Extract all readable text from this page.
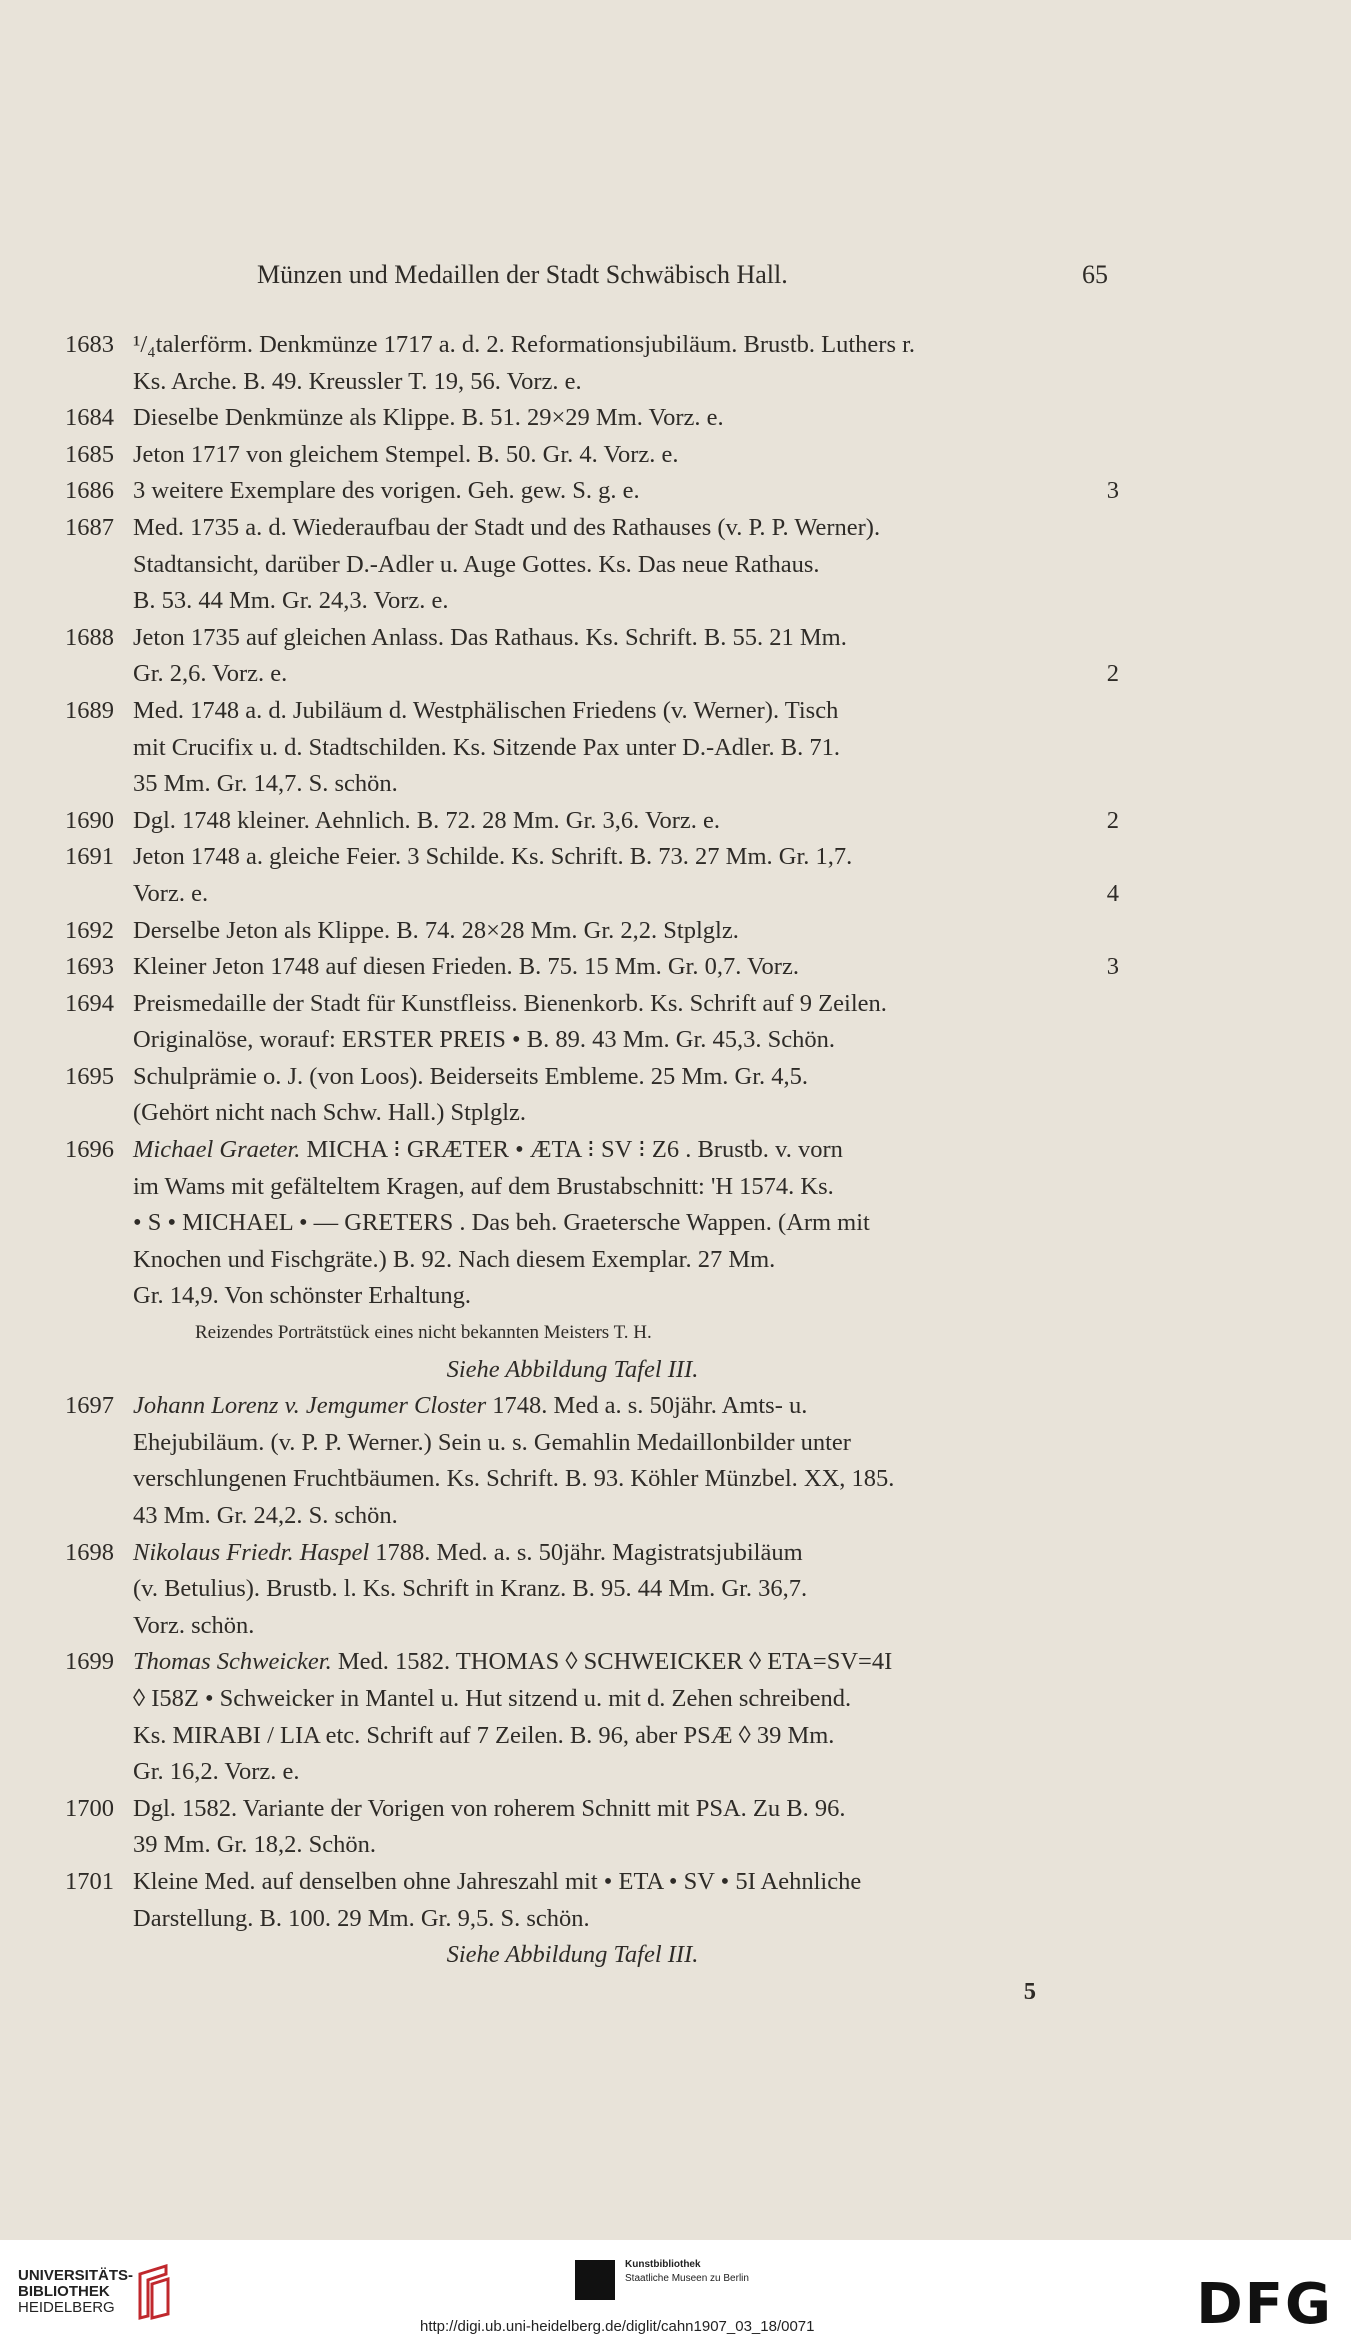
Münzen und Medaillen der Stadt Schwäbisch Hall.	65
1683 ¹/₄talerförm. Denkmünze 1717 a. d. 2. Reformationsjubiläum. Brustb. Luthers r.
Ks. Arche. B. 49. Kreussler T. 19, 56. Vorz. e.
1684 Dieselbe Denkmünze als Klippe. B. 51. 29×29 Mm. Vorz. e.
1685 Jeton 1717 von gleichem Stempel. B. 50. Gr. 4. Vorz. e.
1686 3 weitere Exemplare des vorigen. Geh. gew. S. g. e.	3
1687 Med. 1735 a. d. Wiederaufbau der Stadt und des Rathauses (v. P. P. Werner).
Stadtansicht, darüber D.-Adler u. Auge Gottes. Ks. Das neue Rathaus.
B. 53. 44 Mm. Gr. 24,3. Vorz. e.
1688 Jeton 1735 auf gleichen Anlass. Das Rathaus. Ks. Schrift. B. 55. 21 Mm.
Gr. 2,6. Vorz. e.	2
1689 Med. 1748 a. d. Jubiläum d. Westphälischen Friedens (v. Werner). Tisch
mit Crucifix u. d. Stadtschilden. Ks. Sitzende Pax unter D.-Adler. B. 71.
35 Mm. Gr. 14,7. S. schön.
1690 Dgl. 1748 kleiner. Aehnlich. B. 72. 28 Mm. Gr. 3,6. Vorz. e.	2
1691 Jeton 1748 a. gleiche Feier. 3 Schilde. Ks. Schrift. B. 73. 27 Mm. Gr. 1,7.
Vorz. e.	4
1692 Derselbe Jeton als Klippe. B. 74. 28×28 Mm. Gr. 2,2. Stplglz.
1693 Kleiner Jeton 1748 auf diesen Frieden. B. 75. 15 Mm. Gr. 0,7. Vorz.	3
1694 Preismedaille der Stadt für Kunstfleiss. Bienenkorb. Ks. Schrift auf 9 Zeilen.
Originalöse, worauf: ERSTER PREIS • B. 89. 43 Mm. Gr. 45,3. Schön.
1695 Schulprämie o. J. (von Loos). Beiderseits Embleme. 25 Mm. Gr. 4,5.
(Gehört nicht nach Schw. Hall.) Stplglz.
1696 Michael Graeter. MICHA ⁝ GRÆTER • ÆTA ⁝ SV ⁝ Z6 . Brustb. v. vorn
im Wams mit gefälteltem Kragen, auf dem Brustabschnitt: 'H 1574. Ks.
• S • MICHAEL • — GRETERS . Das beh. Graetersche Wappen. (Arm mit
Knochen und Fischgräte.) B. 92. Nach diesem Exemplar. 27 Mm.
Gr. 14,9. Von schönster Erhaltung.
Reizendes Porträtstück eines nicht bekannten Meisters T. H.
Siehe Abbildung Tafel III.
1697 Johann Lorenz v. Jemgumer Closter 1748. Med a. s. 50jähr. Amts- u.
Ehejubiläum. (v. P. P. Werner.) Sein u. s. Gemahlin Medaillonbilder unter
verschlungenen Fruchtbäumen. Ks. Schrift. B. 93. Köhler Münzbel. XX, 185.
43 Mm. Gr. 24,2. S. schön.
1698 Nikolaus Friedr. Haspel 1788. Med. a. s. 50jähr. Magistratsjubiläum
(v. Betulius). Brustb. l. Ks. Schrift in Kranz. B. 95. 44 Mm. Gr. 36,7.
Vorz. schön.
1699 Thomas Schweicker. Med. 1582. THOMAS ◊ SCHWEICKER ◊ ETA=SV=4I
◊ I58Z • Schweicker in Mantel u. Hut sitzend u. mit d. Zehen schreibend.
Ks. MIRABI / LIA etc. Schrift auf 7 Zeilen. B. 96, aber PSÆ ◊ 39 Mm.
Gr. 16,2. Vorz. e.
1700 Dgl. 1582. Variante der Vorigen von roherem Schnitt mit PSA. Zu B. 96.
39 Mm. Gr. 18,2. Schön.
1701 Kleine Med. auf denselben ohne Jahreszahl mit • ETA • SV • 5I Aehnliche
Darstellung. B. 100. 29 Mm. Gr. 9,5. S. schön.
Siehe Abbildung Tafel III.
5
UNIVERSITÄTS-
BIBLIOTHEK
HEIDELBERG
Kunstbibliothek
Staatliche Museen zu Berlin	DFG
http://digi.ub.uni-heidelberg.de/diglit/cahn1907_03_18/0071
